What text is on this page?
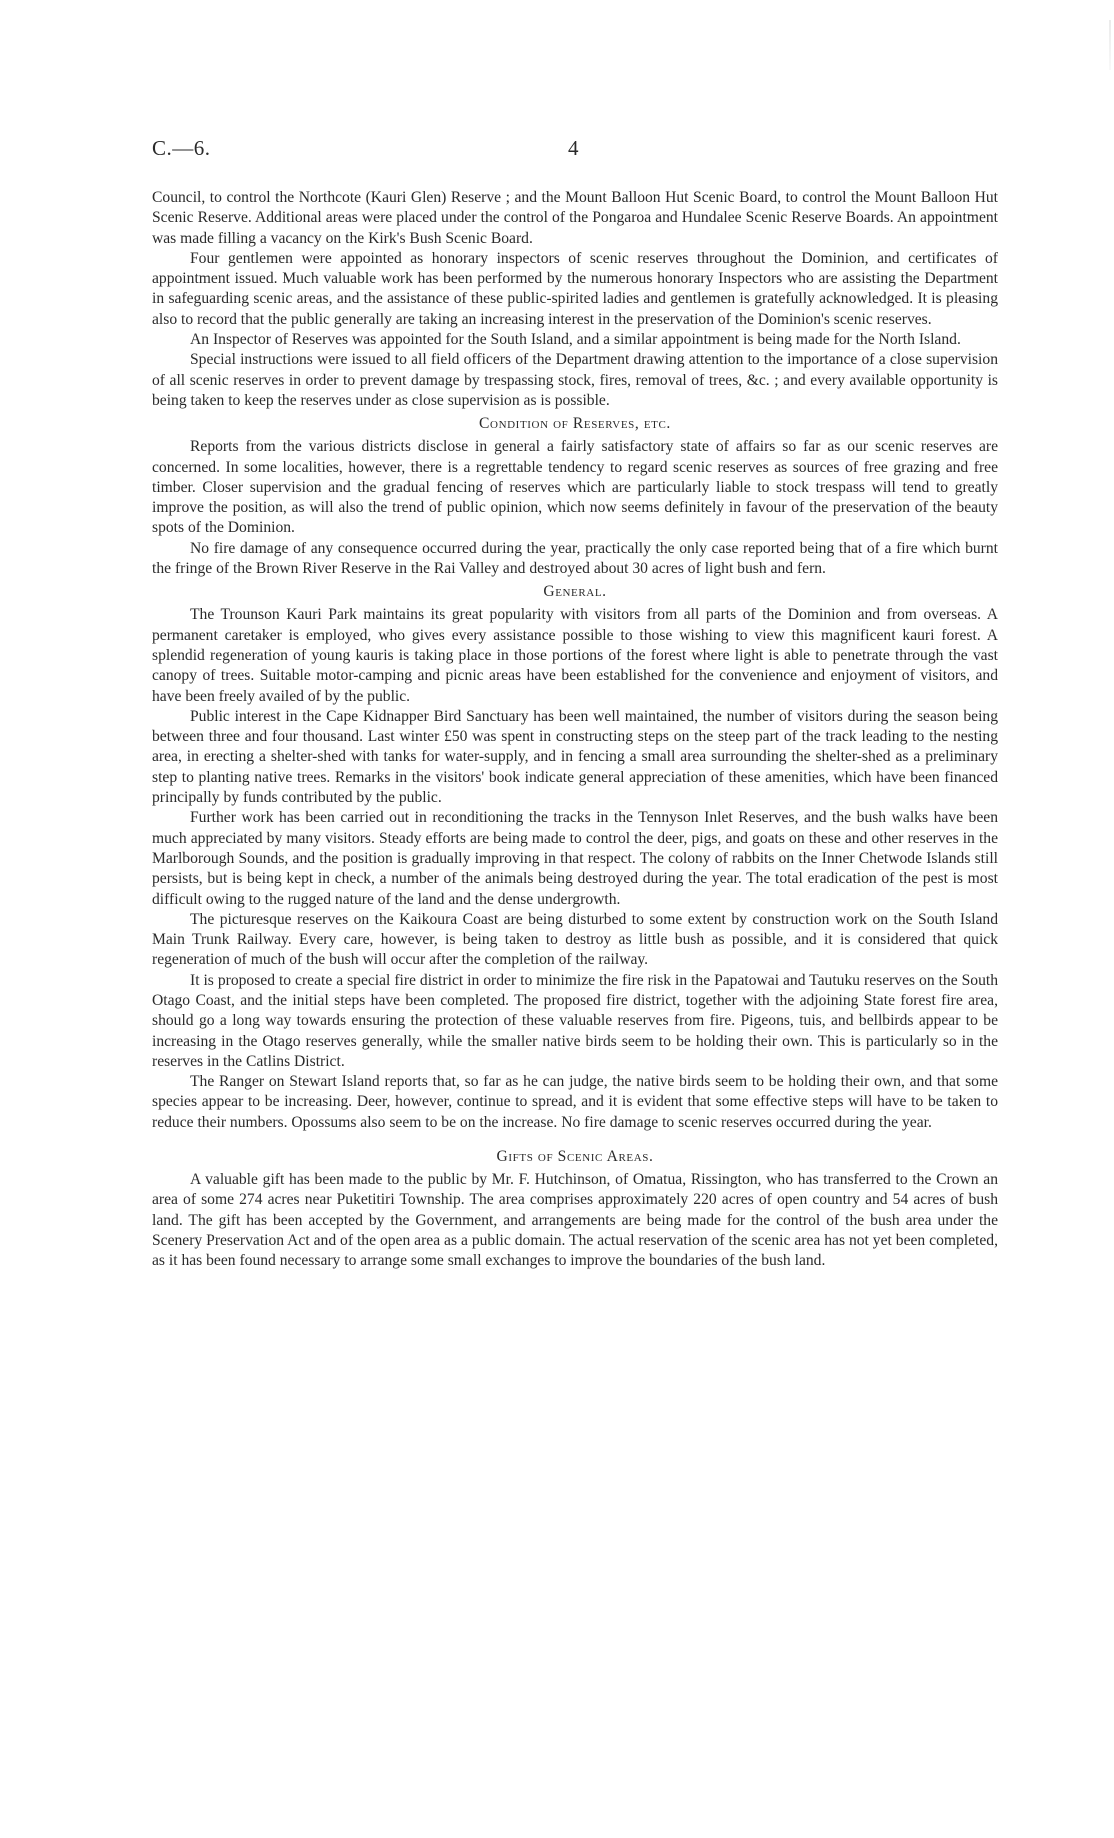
C.—6.	4

Council, to control the Northcote (Kauri Glen) Reserve ; and the Mount Balloon Hut Scenic Board, to control the Mount Balloon Hut Scenic Reserve. Additional areas were placed under the control of the Pongaroa and Hundalee Scenic Reserve Boards. An appointment was made filling a vacancy on the Kirk's Bush Scenic Board.

Four gentlemen were appointed as honorary inspectors of scenic reserves throughout the Dominion, and certificates of appointment issued. Much valuable work has been performed by the numerous honorary Inspectors who are assisting the Department in safeguarding scenic areas, and the assistance of these public-spirited ladies and gentlemen is gratefully acknowledged. It is pleasing also to record that the public generally are taking an increasing interest in the preservation of the Dominion's scenic reserves.

An Inspector of Reserves was appointed for the South Island, and a similar appointment is being made for the North Island.

Special instructions were issued to all field officers of the Department drawing attention to the importance of a close supervision of all scenic reserves in order to prevent damage by trespassing stock, fires, removal of trees, &c. ; and every available opportunity is being taken to keep the reserves under as close supervision as is possible.

Condition of Reserves, etc.

Reports from the various districts disclose in general a fairly satisfactory state of affairs so far as our scenic reserves are concerned. In some localities, however, there is a regrettable tendency to regard scenic reserves as sources of free grazing and free timber. Closer supervision and the gradual fencing of reserves which are particularly liable to stock trespass will tend to greatly improve the position, as will also the trend of public opinion, which now seems definitely in favour of the preservation of the beauty spots of the Dominion.

No fire damage of any consequence occurred during the year, practically the only case reported being that of a fire which burnt the fringe of the Brown River Reserve in the Rai Valley and destroyed about 30 acres of light bush and fern.

General.

The Trounson Kauri Park maintains its great popularity with visitors from all parts of the Dominion and from overseas. A permanent caretaker is employed, who gives every assistance possible to those wishing to view this magnificent kauri forest. A splendid regeneration of young kauris is taking place in those portions of the forest where light is able to penetrate through the vast canopy of trees. Suitable motor-camping and picnic areas have been established for the convenience and enjoyment of visitors, and have been freely availed of by the public.

Public interest in the Cape Kidnapper Bird Sanctuary has been well maintained, the number of visitors during the season being between three and four thousand. Last winter £50 was spent in constructing steps on the steep part of the track leading to the nesting area, in erecting a shelter-shed with tanks for water-supply, and in fencing a small area surrounding the shelter-shed as a preliminary step to planting native trees. Remarks in the visitors' book indicate general appreciation of these amenities, which have been financed principally by funds contributed by the public.

Further work has been carried out in reconditioning the tracks in the Tennyson Inlet Reserves, and the bush walks have been much appreciated by many visitors. Steady efforts are being made to control the deer, pigs, and goats on these and other reserves in the Marlborough Sounds, and the position is gradually improving in that respect. The colony of rabbits on the Inner Chetwode Islands still persists, but is being kept in check, a number of the animals being destroyed during the year. The total eradication of the pest is most difficult owing to the rugged nature of the land and the dense undergrowth.

The picturesque reserves on the Kaikoura Coast are being disturbed to some extent by construction work on the South Island Main Trunk Railway. Every care, however, is being taken to destroy as little bush as possible, and it is considered that quick regeneration of much of the bush will occur after the completion of the railway.

It is proposed to create a special fire district in order to minimize the fire risk in the Papatowai and Tautuku reserves on the South Otago Coast, and the initial steps have been completed. The proposed fire district, together with the adjoining State forest fire area, should go a long way towards ensuring the protection of these valuable reserves from fire. Pigeons, tuis, and bellbirds appear to be increasing in the Otago reserves generally, while the smaller native birds seem to be holding their own. This is particularly so in the reserves in the Catlins District.

The Ranger on Stewart Island reports that, so far as he can judge, the native birds seem to be holding their own, and that some species appear to be increasing. Deer, however, continue to spread, and it is evident that some effective steps will have to be taken to reduce their numbers. Opossums also seem to be on the increase. No fire damage to scenic reserves occurred during the year.

Gifts of Scenic Areas.

A valuable gift has been made to the public by Mr. F. Hutchinson, of Omatua, Rissington, who has transferred to the Crown an area of some 274 acres near Puketitiri Township. The area comprises approximately 220 acres of open country and 54 acres of bush land. The gift has been accepted by the Government, and arrangements are being made for the control of the bush area under the Scenery Preservation Act and of the open area as a public domain. The actual reservation of the scenic area has not yet been completed, as it has been found necessary to arrange some small exchanges to improve the boundaries of the bush land.
